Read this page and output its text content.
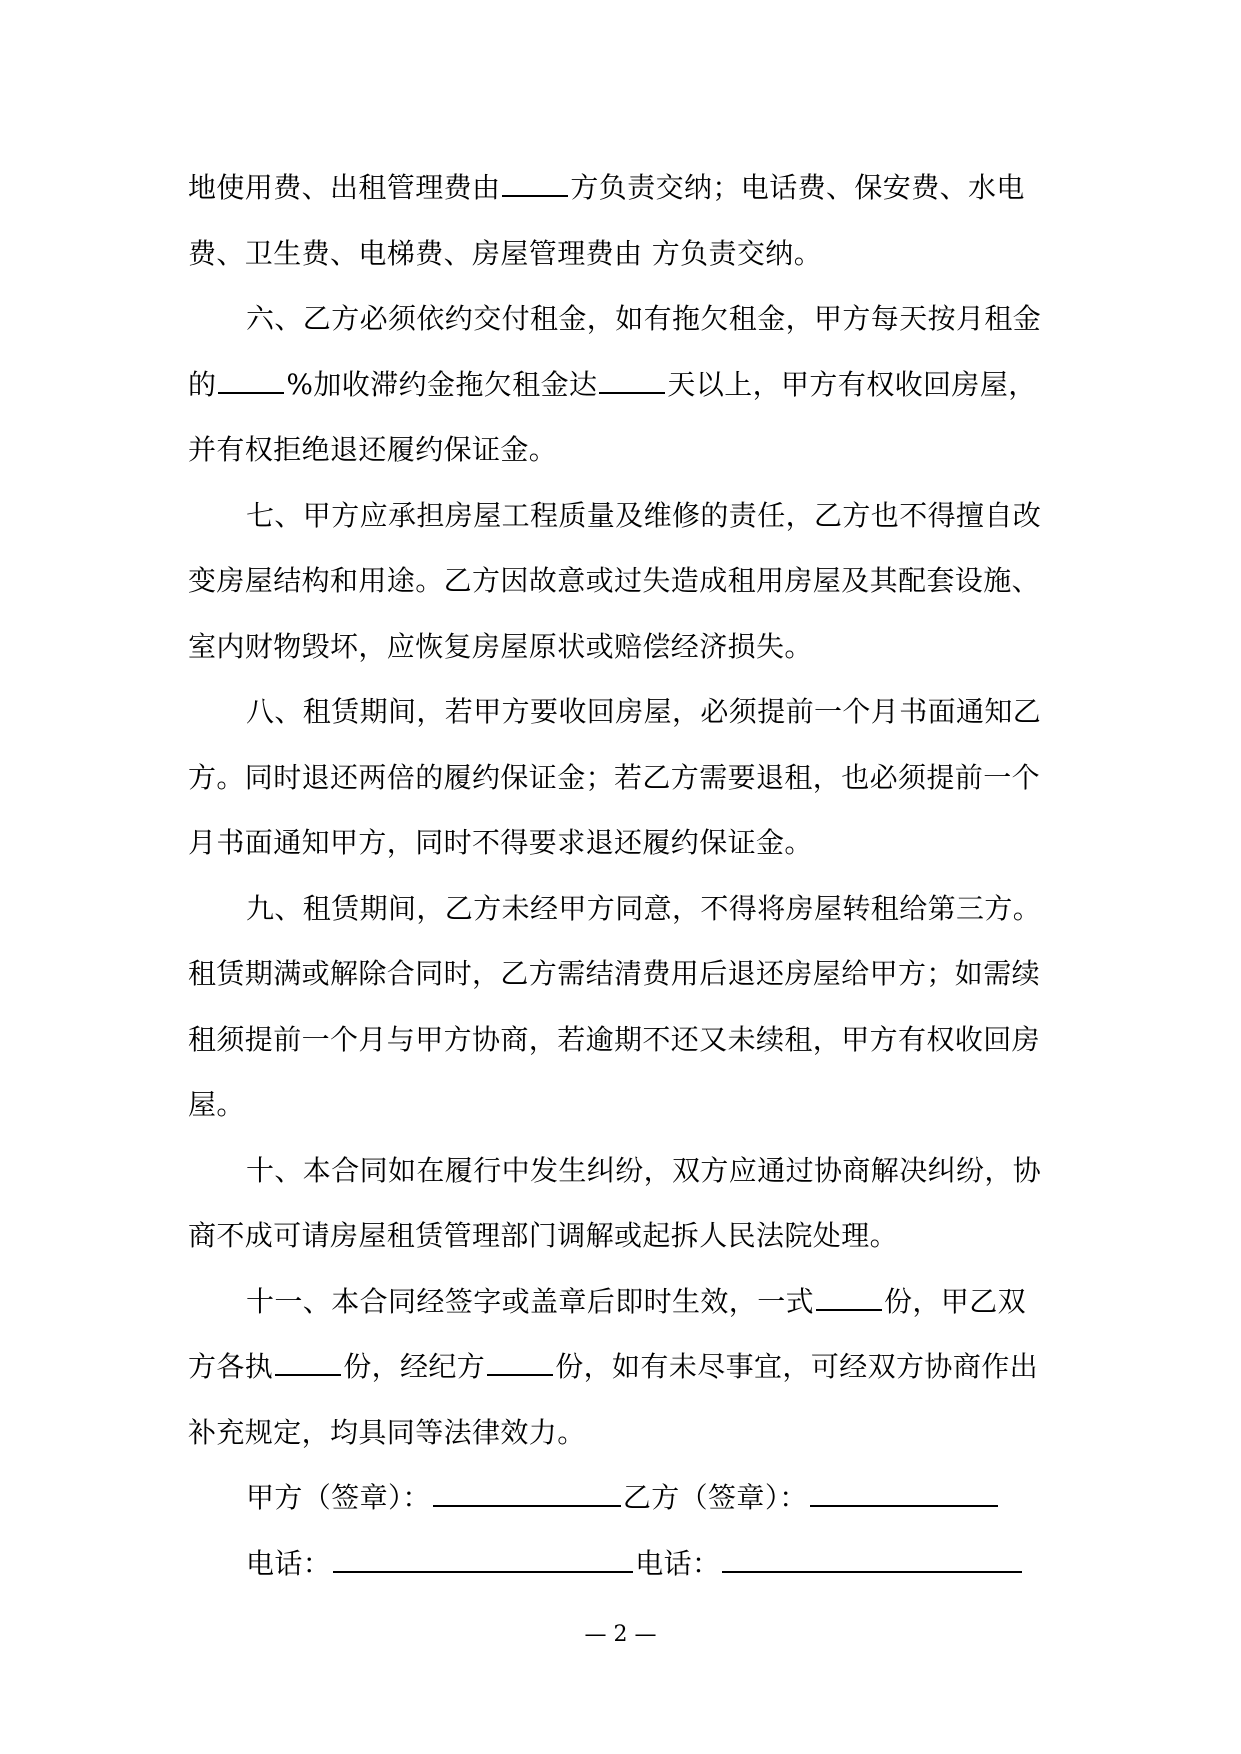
地使用费、出租管理费由	方负责交纳；电话费、保安费、水电
费、卫生费、电梯费、房屋管理费由 方负责交纳。
六、乙方必须依约交付租金，如有拖欠租金，甲方每天按月租金
的	%加收滞约金拖欠租金达	天以上，甲方有权收回房屋，
并有权拒绝退还履约保证金。
七、甲方应承担房屋工程质量及维修的责任，乙方也不得擅自改
变房屋结构和用途。乙方因故意或过失造成租用房屋及其配套设施、
室内财物毁坏，应恢复房屋原状或赔偿经济损失。
八、租赁期间，若甲方要收回房屋，必须提前一个月书面通知乙
方。同时退还两倍的履约保证金；若乙方需要退租，也必须提前一个
月书面通知甲方，同时不得要求退还履约保证金。
九、租赁期间，乙方未经甲方同意，不得将房屋转租给第三方。
租赁期满或解除合同时，乙方需结清费用后退还房屋给甲方；如需续
租须提前一个月与甲方协商，若逾期不还又未续租，甲方有权收回房
屋。
十、本合同如在履行中发生纠纷，双方应通过协商解决纠纷，协
商不成可请房屋租赁管理部门调解或起拆人民法院处理。
十一、本合同经签字或盖章后即时生效，一式	份，甲乙双
方各执	份，经纪方	份，如有未尽事宜，可经双方协商作出
补充规定，均具同等法律效力。
甲方（签章）：	乙方（签章）：
电话：	电话：
— 2 —
